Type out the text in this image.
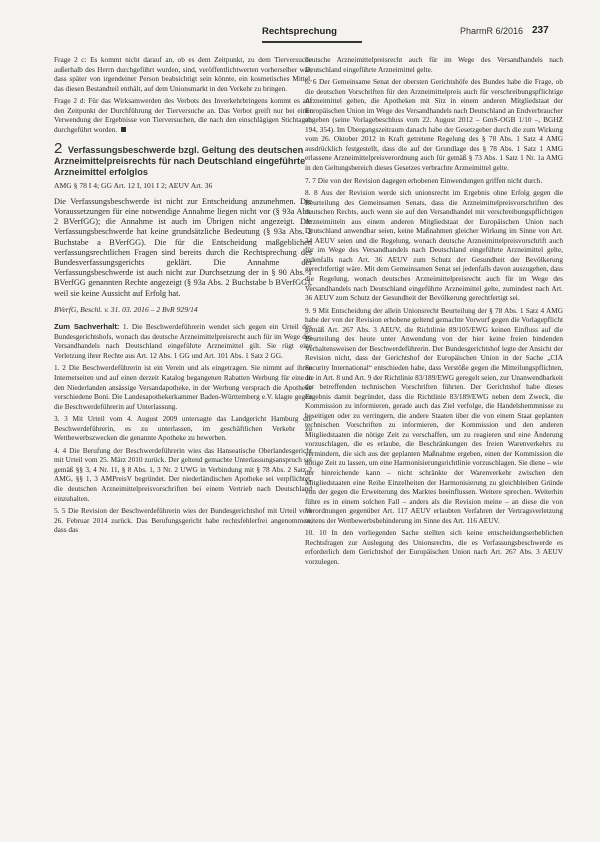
Rechtsprechung	PharmR 6/2016 237

Frage 2 c: Es kommt nicht darauf an, ob es dem Zeitpunkt, zu dem Tierversuche außerhalb des Herrn durchgeführt wurden, sind, veröffentlichtwerten vorherselber war, dass später von irgendeiner Person beabsichtigt sein könnte, ein kosmetisches Mittel, das diesen Bestandteil enthält, auf dem Unionsmarkt in den Verkehr zu bringen.

Frage 2 d: Für das Wirksamwerden des Verbots des Inverkehrbringens kommt es auf den Zeitpunkt der Durchführung der Tierversuche an. Das Verbot greift nur bei einer Verwendung der Ergebnisse von Tierversuchen, die nach den einschlägigen Stichtagen durchgeführt worden.

2 Verfassungsbeschwerde bzgl. Geltung des deutschen Arzneimittelpreisrechts für nach Deutschland eingeführte Arzneimittel erfolglos
AMG § 78 I 4; GG Art. 12 I, 101 I 2; AEUV Art. 36
Die Verfassungsbeschwerde ist nicht zur Entscheidung anzunehmen. Die Voraussetzungen für eine notwendige Annahme liegen nicht vor (§ 93a Abs. 2 BVerfGG); die Annahme ist auch im Übrigen nicht angezeigt. Die Verfassungsbeschwerde hat keine grundsätzliche Bedeutung (§ 93a Abs. 2 Buchstabe a BVerfGG). Die für die Entscheidung maßgeblichen verfassungsrechtlichen Fragen sind bereits durch die Rechtsprechung des Bundesverfassungsgerichts geklärt. Die Annahme der Verfassungsbeschwerde ist auch nicht zur Durchsetzung der in § 90 Abs. 1 BVerfGG genannten Rechte angezeigt (§ 93a Abs. 2 Buchstabe b BVerfGG), weil sie keine Aussicht auf Erfolg hat.
BVerfG, Beschl. v. 31. 03. 2016 – 2 BvR 929/14

Zum Sachverhalt: 1. Die Beschwerdeführerin wendet sich gegen ein Urteil des Bundesgerichtshofs, wonach das deutsche Arzneimittelpreisrecht auch für im Wege des Versandhandels nach Deutschland eingeführte Arzneimittel gilt. Sie rügt eine Verletzung ihrer Rechte aus Art. 12 Abs. 1 GG und Art. 101 Abs. 1 Satz 2 GG.

1. 2 Die Beschwerdeführerin ist ein Verein und als eingetragen. Sie nimmt auf ihren Internetseiten und auf einen derzeit Katalog begangenen Rabatten Werbung für eine in den Niederlanden ansässige Versandapotheke, in der Werbung versprach die Apotheke verschiedene Boni. Die Landesapothekerkammer Baden-Württemberg e.V. klagte gegen die Beschwerdeführerin auf Unterlassung.

3. 3 Mit Urteil vom 4. August 2009 untersagte das Landgericht Hamburg die Beschwerdeführerin, es zu unterlassen, im geschäftlichen Verkehr zu Wettbewerbszwecken die genannte Apotheke zu bewerben.

4. 4 Die Berufung der Beschwerdeführerin wies das Hanseatische Oberlandesgericht mit Urteil vom 25. März 2010 zurück. Der geltend gemachte Unterlassungsanspruch sei gemäß §§ 3, 4 Nr. 11, § 8 Abs. 1, 3 Nr. 2 UWG in Verbindung mit § 78 Abs. 2 Satz 2 AMG, §§ 1, 3 AMPreisV begründet. Der niederländischen Apotheke sei verpflichtet, die deutschen Arzneimittelpreisvorschriften bei einem Vertrieb nach Deutschland einzuhalten.

5. 5 Die Revision der Beschwerdeführerin wies der Bundesgerichtshof mit Urteil vom 26. Februar 2014 zurück. Das Berufungsgericht habe rechtsfehlerfrei angenommen, dass das

deutsche Arzneimittelpreisrecht auch für im Wege des Versandhandels nach Deutschland eingeführte Arzneimittel gelte.

6. 6 Der Gemeinsame Senat der obersten Gerichtshöfe des Bundes habe die Frage, ob die deutschen Vorschriften für den Arzneimittelpreis auch für verschreibungspflichtige Arzneimittel gelten, die Apotheken mit Sitz in einem anderen Mitgliedstaat der Europäischen Union im Wege des Versandhandels nach Deutschland an Endverbraucher abgeben (seine Vorlagebeschluss vom 22. August 2012 – GmS-OGB 1/10 –, BGHZ 194, 354). Im Übergangszeitraum danach habe der Gesetzgeber durch die zum Wirkung vom 26. Oktober 2012 in Kraft getretene Regelung des § 78 Abs. 1 Satz 4 AMG ausdrücklich festgestellt, dass die auf der Grundlage des § 78 Abs. 1 Satz 1 AMG erlassene Arzneimittelpreisverordnung auch für gemäß § 73 Abs. 1 Satz 1 Nr. 1a AMG in den Geltungsbereich dieses Gesetzes verbrachte Arzneimittel gelte.

7. 7 Die von der Revision dagegen erhobenen Einwendungen griffen nicht durch.

8. 8 Aus der Revision werde sich unionsrecht im Ergebnis ohne Erfolg gegen die Beurteilung des Gemeinsamen Senats, dass die Arzneimittelpreisvorschriften des deutschen Rechts, auch wenn sie auf den Versandhandel mit verschreibungspflichtigen Arzneimitteln aus einem anderen Mitgliedstaat der Europäischen Union nach Deutschland anwendbar seien, keine Maßnahmen gleicher Wirkung im Sinne von Art. 34 AEUV seien und die Regelung, wonach deutsche Arzneimittelpreisvorschrift auch für im Wege des Versandhandels nach Deutschland eingeführte Arzneimittel gelte, jedenfalls nach Art. 36 AEUV zum Schutz der Gesundheit der Bevölkerung gerechtfertigt wäre. Mit dem Gemeinsamen Senat sei jedenfalls davon auszugehen, dass die Regelung, wonach deutsches Arzneimittelpreisrecht auch für im Wege des Versandhandels nach Deutschland eingeführte Arzneimittel gelte, zumindest nach Art. 36 AEUV zum Schutz der Gesundheit der Bevölkerung gerechtfertigt sei.

9. 9 Mit Entscheidung der allein Unionsrecht Beurteilung der § 78 Abs. 1 Satz 4 AMG habe der von der Revision erhobene geltend gemachte Vorwurf gegen die Vorlagepflicht gemäß Art. 267 Abs. 3 AEUV, die Richtlinie 89/105/EWG keinen Einfluss auf die Beurteilung des heute unter Anwendung von der hier keine freien bindenden Verhaltensweisen der Beschwerdeführerin. Der Bundesgerichtshof legte der Ansicht der Revision nicht, dass der Gerichtshof der Europäischen Union in der Sache „CIA Security International“ entschieden habe, dass Verstöße gegen die Mitteilungspflichten, die in Art. 8 und Art. 9 der Richtlinie 83/189/EWG geregelt seien, zur Unanwendbarkeit der betreffenden technischen Vorschriften führten. Der Gerichtshof habe dieses Ergebnis damit begründet, dass die Richtlinie 83/189/EWG neben dem Zweck, die Kommission zu informieren, gerade auch das Ziel verfolge, die Handelshemmnisse zu beseitigen oder zu verringern, die andere Staaten über die von einem Staat geplanten technischen Vorschriften zu informieren, der Kommission und den anderen Mitgliedstaaten die nötige Zeit zu verschaffen, um zu reagieren und eine Änderung vorzuschlagen, die es erlaube, die Beschränkungen des freien Warenverkehrs zu vermindern, die sich aus der geplanten Maßnahme ergeben, einen der Kommission die nötige Zeit zu lassen, um eine Harmonisierungsrichtlinie vorzuschlagen. Sie diene – wie der hinreichende kann – nicht schränkte der Warenverkehr zwischen den Mitgliedstaaten eine Reihe Einzelheiten der Harmonisierung zu gleichbleiben Gründe von der gegen die Erweiterung des Marktes beeinflussen. Weitere sprechen. Weiterhin führe es in einem solchen Fall – anders als die Revision meine – an diese die von Verordnungen gegenüber Art. 117 AEUV erlaubten Verfahren der Vertragsverletzung seitens der Wettbewerbsbehinderung im Sinne des Art. 116 AEUV.

10. 10 In den vorliegenden Sache stellten sich keine entscheidungserheblichen Rechtsfragen zur Auslegung des Unionsrechts, die es Verfassungsbeschwerde es erforderlich dem Gerichtshof der Europäischen Union nach Art. 267 Abs. 3 AEUV vorzulegen.
